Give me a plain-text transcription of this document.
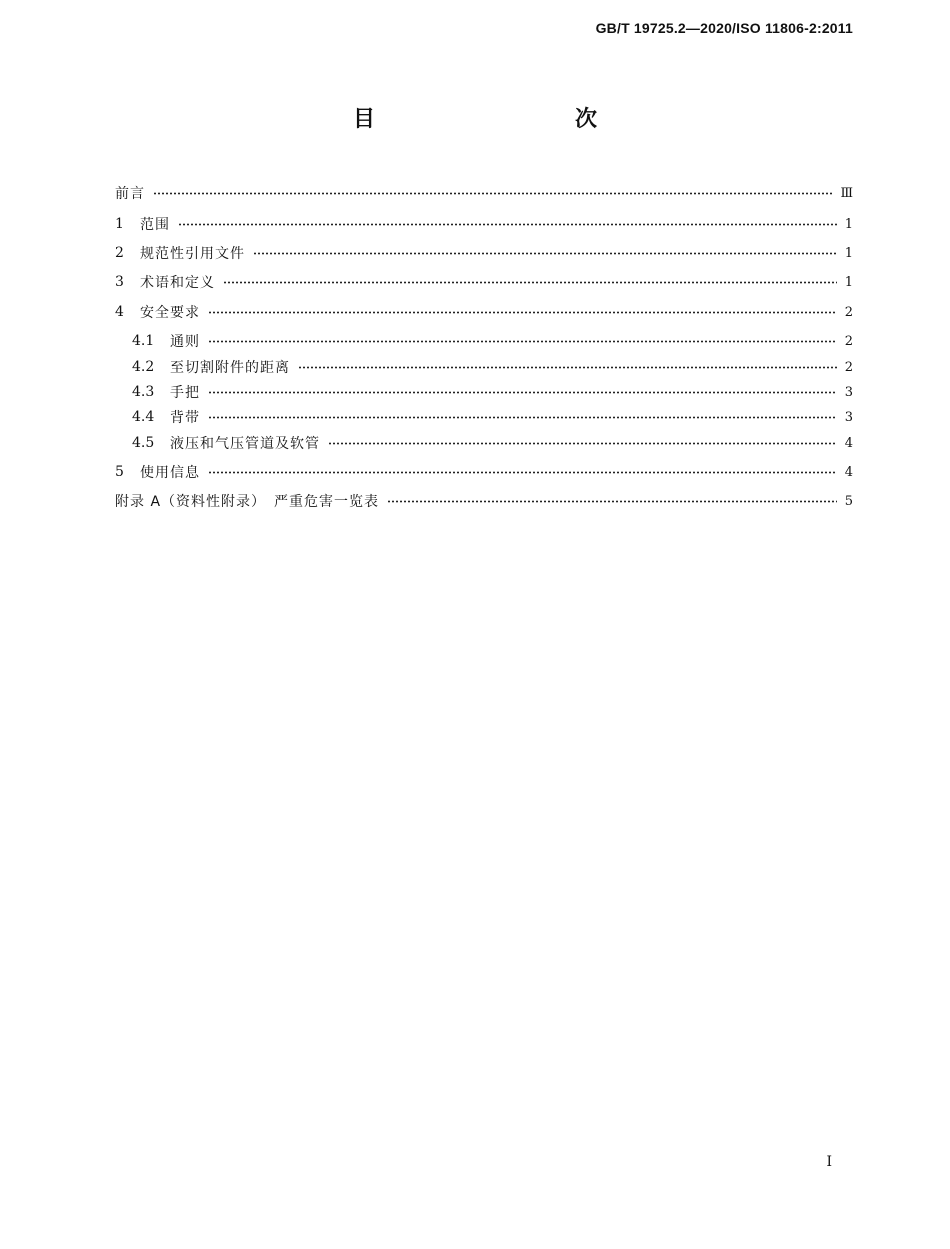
GB/T 19725.2—2020/ISO 11806-2:2011
目　　次
前言	Ⅲ
1	范围	1
2	规范性引用文件	1
3	术语和定义	1
4	安全要求	2
4.1	通则	2
4.2	至切割附件的距离	2
4.3	手把	3
4.4	背带	3
4.5	液压和气压管道及软管	4
5	使用信息	4
附录 A（资料性附录）　严重危害一览表	5
Ⅰ
